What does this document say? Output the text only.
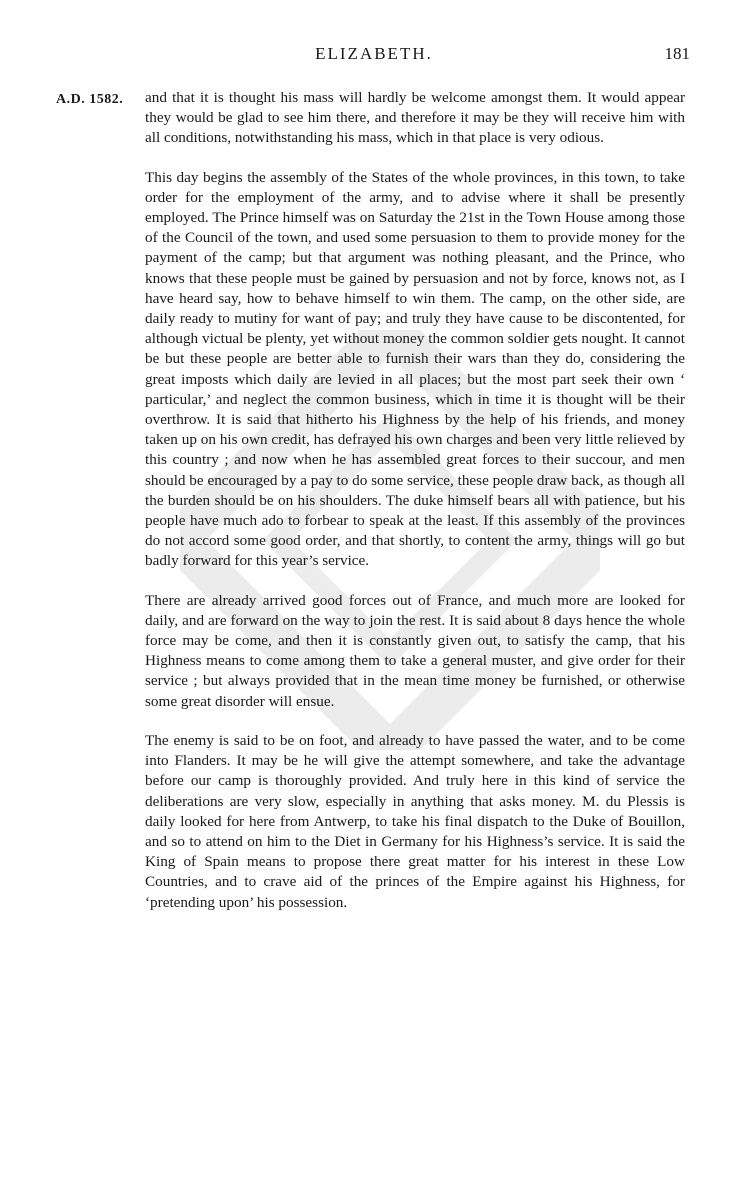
ELIZABETH.	181
A.D. 1582. and that it is thought his mass will hardly be welcome amongst them. It would appear they would be glad to see him there, and therefore it may be they will receive him with all conditions, notwithstanding his mass, which in that place is very odious.

This day begins the assembly of the States of the whole provinces, in this town, to take order for the employment of the army, and to advise where it shall be presently employed. The Prince himself was on Saturday the 21st in the Town House among those of the Council of the town, and used some persuasion to them to provide money for the payment of the camp; but that argument was nothing pleasant, and the Prince, who knows that these people must be gained by persuasion and not by force, knows not, as I have heard say, how to behave himself to win them. The camp, on the other side, are daily ready to mutiny for want of pay; and truly they have cause to be discontented, for although victual be plenty, yet without money the common soldier gets nought. It cannot be but these people are better able to furnish their wars than they do, considering the great imposts which daily are levied in all places; but the most part seek their own ‘ particular,’ and neglect the common business, which in time it is thought will be their overthrow. It is said that hitherto his Highness by the help of his friends, and money taken up on his own credit, has defrayed his own charges and been very little relieved by this country ; and now when he has assembled great forces to their succour, and men should be encouraged by a pay to do some service, these people draw back, as though all the burden should be on his shoulders. The duke himself bears all with patience, but his people have much ado to forbear to speak at the least. If this assembly of the provinces do not accord some good order, and that shortly, to content the army, things will go but badly forward for this year’s service.

There are already arrived good forces out of France, and much more are looked for daily, and are forward on the way to join the rest. It is said about 8 days hence the whole force may be come, and then it is constantly given out, to satisfy the camp, that his Highness means to come among them to take a general muster, and give order for their service ; but always provided that in the mean time money be furnished, or otherwise some great disorder will ensue.

The enemy is said to be on foot, and already to have passed the water, and to be come into Flanders. It may be he will give the attempt somewhere, and take the advantage before our camp is thoroughly provided. And truly here in this kind of service the deliberations are very slow, especially in anything that asks money. M. du Plessis is daily looked for here from Antwerp, to take his final dispatch to the Duke of Bouillon, and so to attend on him to the Diet in Germany for his Highness’s service. It is said the King of Spain means to propose there great matter for his interest in these Low Countries, and to crave aid of the princes of the Empire against his Highness, for ‘pretending upon’ his possession.
